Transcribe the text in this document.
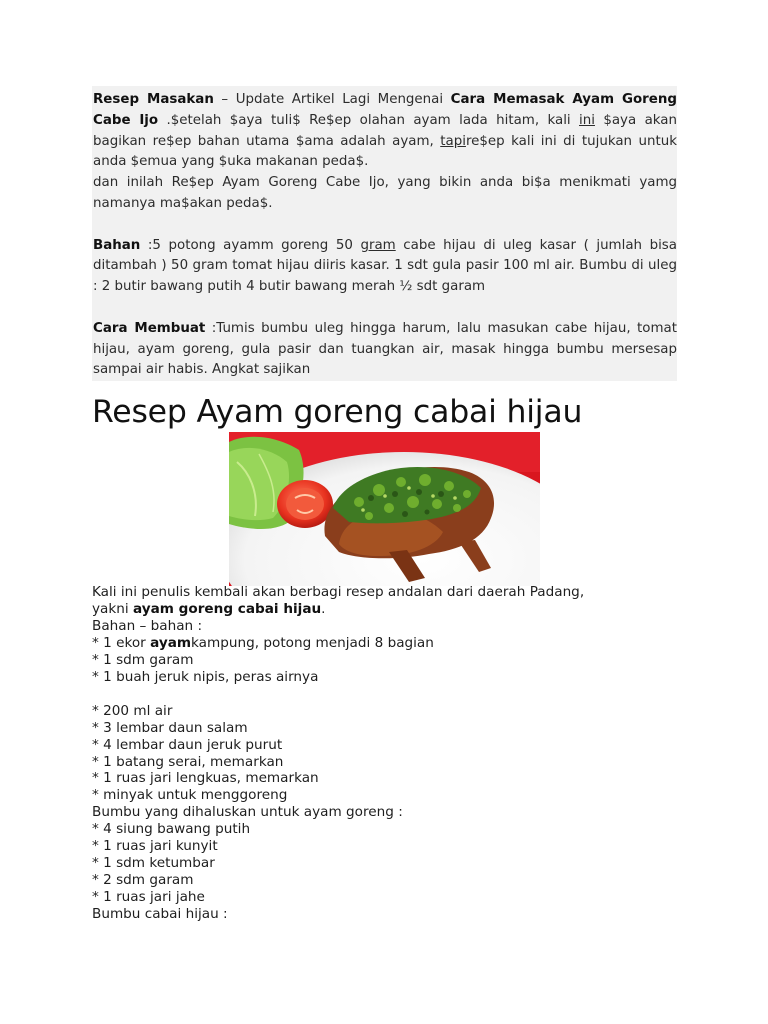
Resep Masakan – Update Artikel Lagi Mengenai Cara Memasak Ayam Goreng Cabe Ijo .$etelah $aya tuli$ Re$ep olahan ayam lada hitam, kali ini $aya akan bagikan re$ep bahan utama $ama adalah ayam, tapire$ep kali ini di tujukan untuk anda $emua yang $uka makanan peda$.

dan inilah Re$ep Ayam Goreng Cabe Ijo, yang bikin anda bi$a menikmati yamg namanya ma$akan peda$.

Bahan :5 potong ayamm goreng 50 gram cabe hijau di uleg kasar ( jumlah bisa ditambah ) 50 gram tomat hijau diiris kasar. 1 sdt gula pasir 100 ml air. Bumbu di uleg : 2 butir bawang putih 4 butir bawang merah ½ sdt garam

Cara Membuat :Tumis bumbu uleg hingga harum, lalu masukan cabe hijau, tomat hijau, ayam goreng, gula pasir dan tuangkan air, masak hingga bumbu mersesap sampai air habis. Angkat sajikan

Resep Ayam goreng cabai hijau
Kali ini penulis kembali akan berbagi resep andalan dari daerah Padang,
yakni ayam goreng cabai hijau.
Bahan – bahan :
* 1 ekor ayamkampung, potong menjadi 8 bagian
* 1 sdm garam
* 1 buah jeruk nipis, peras airnya
* 200 ml air
* 3 lembar daun salam
* 4 lembar daun jeruk purut
* 1 batang serai, memarkan
* 1 ruas jari lengkuas, memarkan
* minyak untuk menggoreng
Bumbu yang dihaluskan untuk ayam goreng :
* 4 siung bawang putih
* 1 ruas jari kunyit
* 1 sdm ketumbar
* 2 sdm garam
* 1 ruas jari jahe
Bumbu cabai hijau :
